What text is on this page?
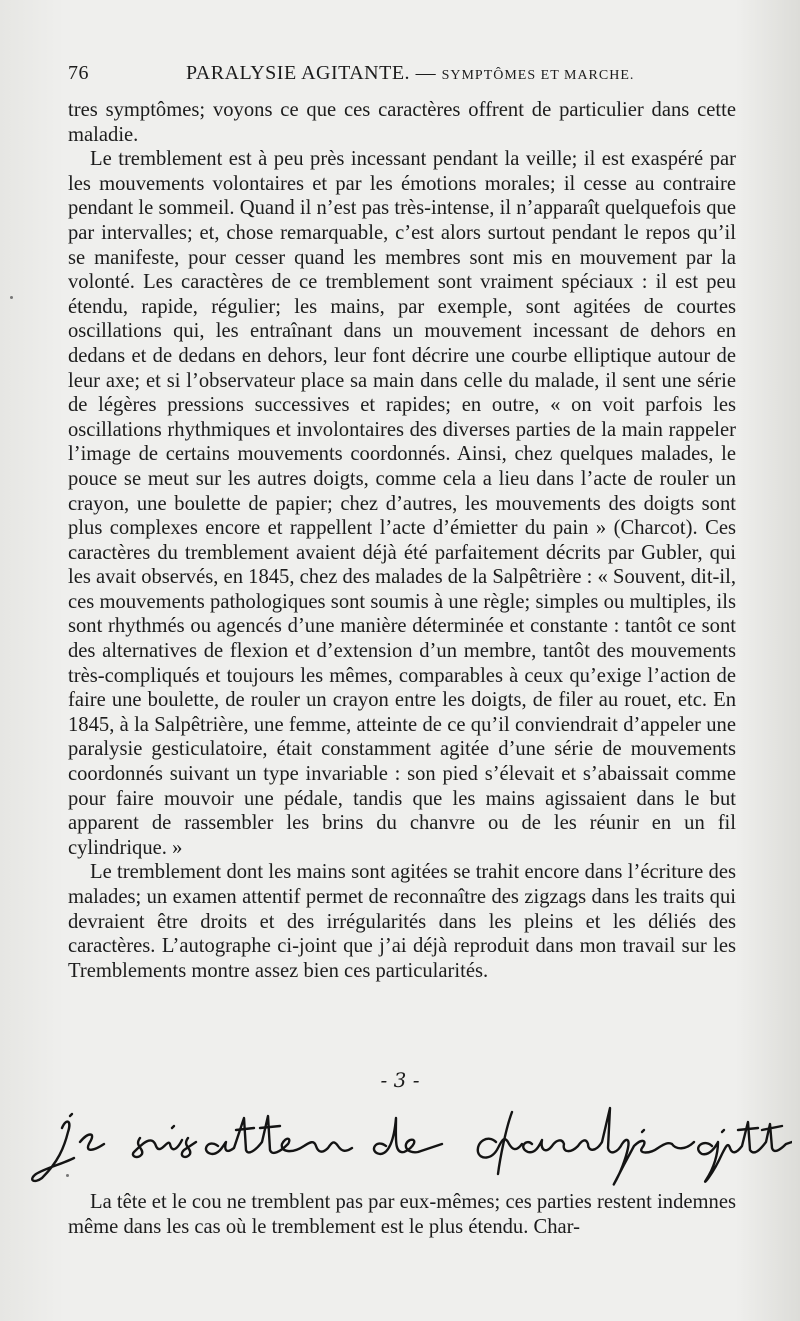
76	PARALYSIE AGITANTE. — SYMPTÔMES ET MARCHE.

tres symptômes; voyons ce que ces caractères offrent de particulier dans cette maladie.

Le tremblement est à peu près incessant pendant la veille; il est exaspéré par les mouvements volontaires et par les émotions morales; il cesse au contraire pendant le sommeil. Quand il n’est pas très-intense, il n’apparaît quelquefois que par intervalles; et, chose remarquable, c’est alors surtout pendant le repos qu’il se manifeste, pour cesser quand les membres sont mis en mouvement par la volonté. Les caractères de ce tremblement sont vraiment spéciaux : il est peu étendu, rapide, régulier; les mains, par exemple, sont agitées de courtes oscillations qui, les entraînant dans un mouvement incessant de dehors en dedans et de dedans en dehors, leur font décrire une courbe elliptique autour de leur axe; et si l’observateur place sa main dans celle du malade, il sent une série de légères pressions successives et rapides; en outre, « on voit parfois les oscillations rhythmiques et involontaires des diverses parties de la main rappeler l’image de certains mouvements coordonnés. Ainsi, chez quelques malades, le pouce se meut sur les autres doigts, comme cela a lieu dans l’acte de rouler un crayon, une boulette de papier; chez d’autres, les mouvements des doigts sont plus complexes encore et rappellent l’acte d’émietter du pain » (Charcot). Ces caractères du tremblement avaient déjà été parfaitement décrits par Gubler, qui les avait observés, en 1845, chez des malades de la Salpêtrière : « Souvent, dit-il, ces mouvements pathologiques sont soumis à une règle; simples ou multiples, ils sont rhythmés ou agencés d’une manière déterminée et constante : tantôt ce sont des alternatives de flexion et d’extension d’un membre, tantôt des mouvements très-compliqués et toujours les mêmes, comparables à ceux qu’exige l’action de faire une boulette, de rouler un crayon entre les doigts, de filer au rouet, etc. En 1845, à la Salpêtrière, une femme, atteinte de ce qu’il conviendrait d’appeler une paralysie gesticulatoire, était constamment agitée d’une série de mouvements coordonnés suivant un type invariable : son pied s’élevait et s’abaissait comme pour faire mouvoir une pédale, tandis que les mains agissaient dans le but apparent de rassembler les brins du chanvre ou de les réunir en un fil cylindrique. »

Le tremblement dont les mains sont agitées se trahit encore dans l’écriture des malades; un examen attentif permet de reconnaître des zigzags dans les traits qui devraient être droits et des irrégularités dans les pleins et les déliés des caractères. L’autographe ci-joint que j’ai déjà reproduit dans mon travail sur les Tremblements montre assez bien ces particularités.

- 3 -

La tête et le cou ne tremblent pas par eux-mêmes; ces parties restent indemnes même dans les cas où le tremblement est le plus étendu. Char-
